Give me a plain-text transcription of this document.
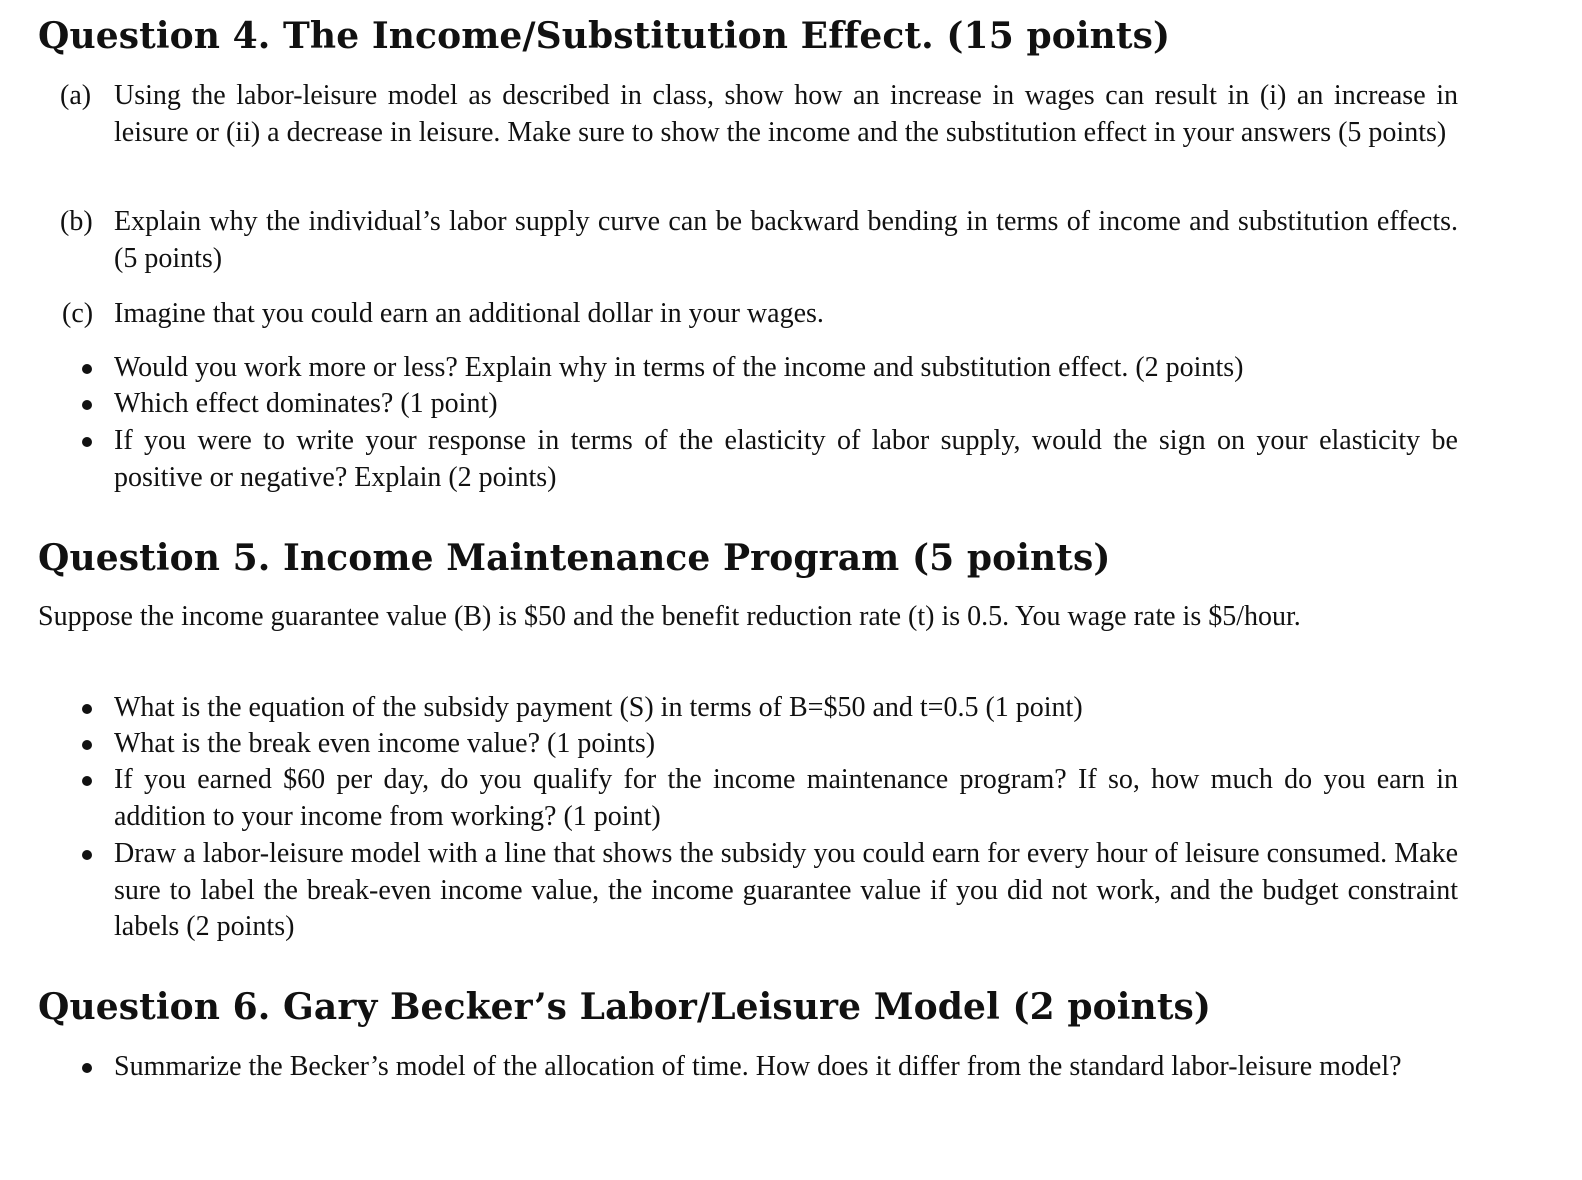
Question 4. The Income/Substitution Effect. (15 points)
(a) Using the labor-leisure model as described in class, show how an increase in wages can result in (i) an increase in leisure or (ii) a decrease in leisure. Make sure to show the income and the substitution effect in your answers (5 points)
(b) Explain why the individual’s labor supply curve can be backward bending in terms of income and substitution effects. (5 points)
(c) Imagine that you could earn an additional dollar in your wages.
Would you work more or less? Explain why in terms of the income and substitution effect. (2 points)
Which effect dominates? (1 point)
If you were to write your response in terms of the elasticity of labor supply, would the sign on your elasticity be positive or negative? Explain (2 points)
Question 5. Income Maintenance Program (5 points)
Suppose the income guarantee value (B) is $50 and the benefit reduction rate (t) is 0.5. You wage rate is $5/hour.
What is the equation of the subsidy payment (S) in terms of B=$50 and t=0.5 (1 point)
What is the break even income value? (1 points)
If you earned $60 per day, do you qualify for the income maintenance program? If so, how much do you earn in addition to your income from working? (1 point)
Draw a labor-leisure model with a line that shows the subsidy you could earn for every hour of leisure consumed. Make sure to label the break-even income value, the income guarantee value if you did not work, and the budget constraint labels (2 points)
Question 6. Gary Becker’s Labor/Leisure Model (2 points)
Summarize the Becker’s model of the allocation of time. How does it differ from the standard labor-leisure model?
